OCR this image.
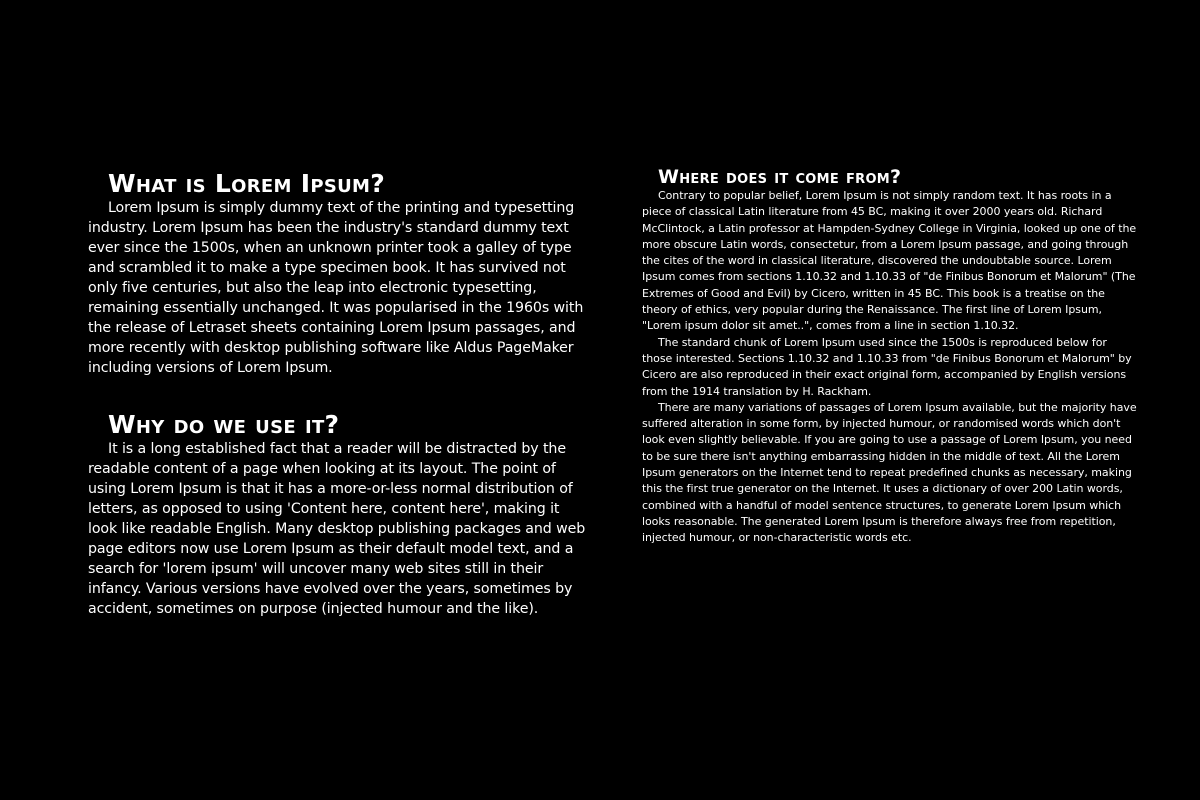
What is Lorem Ipsum?

Lorem Ipsum is simply dummy text of the printing and typesetting industry. Lorem Ipsum has been the industry's standard dummy text ever since the 1500s, when an unknown printer took a galley of type and scrambled it to make a type specimen book. It has survived not only five centuries, but also the leap into electronic typesetting, remaining essentially unchanged. It was popularised in the 1960s with the release of Letraset sheets containing Lorem Ipsum passages, and more recently with desktop publishing software like Aldus PageMaker including versions of Lorem Ipsum.

Why do we use it?

It is a long established fact that a reader will be distracted by the readable content of a page when looking at its layout. The point of using Lorem Ipsum is that it has a more-or-less normal distribution of letters, as opposed to using 'Content here, content here', making it look like readable English. Many desktop publishing packages and web page editors now use Lorem Ipsum as their default model text, and a search for 'lorem ipsum' will uncover many web sites still in their infancy. Various versions have evolved over the years, sometimes by accident, sometimes on purpose (injected humour and the like).

Where does it come from?

Contrary to popular belief, Lorem Ipsum is not simply random text. It has roots in a piece of classical Latin literature from 45 BC, making it over 2000 years old. Richard McClintock, a Latin professor at Hampden-Sydney College in Virginia, looked up one of the more obscure Latin words, consectetur, from a Lorem Ipsum passage, and going through the cites of the word in classical literature, discovered the undoubtable source. Lorem Ipsum comes from sections 1.10.32 and 1.10.33 of "de Finibus Bonorum et Malorum" (The Extremes of Good and Evil) by Cicero, written in 45 BC. This book is a treatise on the theory of ethics, very popular during the Renaissance. The first line of Lorem Ipsum, "Lorem ipsum dolor sit amet..", comes from a line in section 1.10.32.

The standard chunk of Lorem Ipsum used since the 1500s is reproduced below for those interested. Sections 1.10.32 and 1.10.33 from "de Finibus Bonorum et Malorum" by Cicero are also reproduced in their exact original form, accompanied by English versions from the 1914 translation by H. Rackham.

There are many variations of passages of Lorem Ipsum available, but the majority have suffered alteration in some form, by injected humour, or randomised words which don't look even slightly believable. If you are going to use a passage of Lorem Ipsum, you need to be sure there isn't anything embarrassing hidden in the middle of text. All the Lorem Ipsum generators on the Internet tend to repeat predefined chunks as necessary, making this the first true generator on the Internet. It uses a dictionary of over 200 Latin words, combined with a handful of model sentence structures, to generate Lorem Ipsum which looks reasonable. The generated Lorem Ipsum is therefore always free from repetition, injected humour, or non-characteristic words etc.
